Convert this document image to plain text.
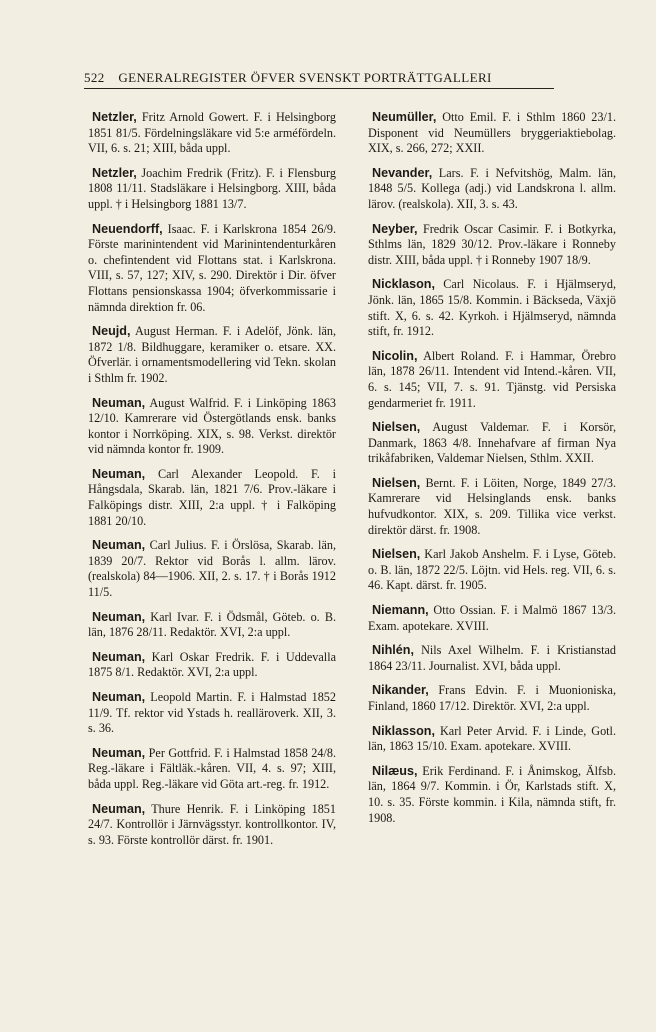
522 GENERALREGISTER ÖFVER SVENSKT PORTRÄTTGALLERI

Netzler, Fritz Arnold Gowert. F. i Helsingborg 1851 81/5. Fördelningsläkare vid 5:e arméfördeln. VII, 6. s. 21; XIII, båda uppl.

Netzler, Joachim Fredrik (Fritz). F. i Flensburg 1808 11/11. Stadsläkare i Helsingborg. XIII, båda uppl. † i Helsingborg 1881 13/7.

Neuendorff, Isaac. F. i Karlskrona 1854 26/9. Förste marinintendent vid Marinintendenturkåren o. chefintendent vid Flottans stat. i Karlskrona. VIII, s. 57, 127; XIV, s. 290. Direktör i Dir. öfver Flottans pensionskassa 1904; öfverkommissarie i nämnda direktion fr. 06.

Neujd, August Herman. F. i Adelöf, Jönk. län, 1872 1/8. Bildhuggare, keramiker o. etsare. XX. Öfverlär. i ornamentsmodellering vid Tekn. skolan i Sthlm fr. 1902.

Neuman, August Walfrid. F. i Linköping 1863 12/10. Kamrerare vid Östergötlands ensk. banks kontor i Norrköping. XIX, s. 98. Verkst. direktör vid nämnda kontor fr. 1909.

Neuman, Carl Alexander Leopold. F. i Hångsdala, Skarab. län, 1821 7/6. Prov.-läkare i Falköpings distr. XIII, 2:a uppl. † i Falköping 1881 20/10.

Neuman, Carl Julius. F. i Örslösa, Skarab. län, 1839 20/7. Rektor vid Borås l. allm. lärov. (realskola) 84—1906. XII, 2. s. 17. † i Borås 1912 11/5.

Neuman, Karl Ivar. F. i Ödsmål, Göteb. o. B. län, 1876 28/11. Redaktör. XVI, 2:a uppl.

Neuman, Karl Oskar Fredrik. F. i Uddevalla 1875 8/1. Redaktör. XVI, 2:a uppl.

Neuman, Leopold Martin. F. i Halmstad 1852 11/9. Tf. rektor vid Ystads h. realläroverk. XII, 3. s. 36.

Neuman, Per Gottfrid. F. i Halmstad 1858 24/8. Reg.-läkare i Fältläk.-kåren. VII, 4. s. 97; XIII, båda uppl. Reg.-läkare vid Göta art.-reg. fr. 1912.

Neuman, Thure Henrik. F. i Linköping 1851 24/7. Kontrollör i Järnvägsstyr. kontrollkontor. IV, s. 93. Förste kontrollör därst. fr. 1901.

Neumüller, Otto Emil. F. i Sthlm 1860 23/1. Disponent vid Neumüllers bryggeriaktiebolag. XIX, s. 266, 272; XXII.

Nevander, Lars. F. i Nefvitshög, Malm. län, 1848 5/5. Kollega (adj.) vid Landskrona l. allm. lärov. (realskola). XII, 3. s. 43.

Neyber, Fredrik Oscar Casimir. F. i Botkyrka, Sthlms län, 1829 30/12. Prov.-läkare i Ronneby distr. XIII, båda uppl. † i Ronneby 1907 18/9.

Nicklason, Carl Nicolaus. F. i Hjälmseryd, Jönk. län, 1865 15/8. Kommin. i Bäckseda, Växjö stift. X, 6. s. 42. Kyrkoh. i Hjälmseryd, nämnda stift, fr. 1912.

Nicolin, Albert Roland. F. i Hammar, Örebro län, 1878 26/11. Intendent vid Intend.-kåren. VII, 6. s. 145; VII, 7. s. 91. Tjänstg. vid Persiska gendarmeriet fr. 1911.

Nielsen, August Valdemar. F. i Korsör, Danmark, 1863 4/8. Innehafvare af firman Nya trikåfabriken, Valdemar Nielsen, Sthlm. XXII.

Nielsen, Bernt. F. i Löiten, Norge, 1849 27/3. Kamrerare vid Helsinglands ensk. banks hufvudkontor. XIX, s. 209. Tillika vice verkst. direktör därst. fr. 1908.

Nielsen, Karl Jakob Anshelm. F. i Lyse, Göteb. o. B. län, 1872 22/5. Löjtn. vid Hels. reg. VII, 6. s. 46. Kapt. därst. fr. 1905.

Niemann, Otto Ossian. F. i Malmö 1867 13/3. Exam. apotekare. XVIII.

Nihlén, Nils Axel Wilhelm. F. i Kristianstad 1864 23/11. Journalist. XVI, båda uppl.

Nikander, Frans Edvin. F. i Muonioniska, Finland, 1860 17/12. Direktör. XVI, 2:a uppl.

Niklasson, Karl Peter Arvid. F. i Linde, Gotl. län, 1863 15/10. Exam. apotekare. XVIII.

Nilæus, Erik Ferdinand. F. i Ånimskog, Älfsb. län, 1864 9/7. Kommin. i Ör, Karlstads stift. X, 10. s. 35. Förste kommin. i Kila, nämnda stift, fr. 1908.
